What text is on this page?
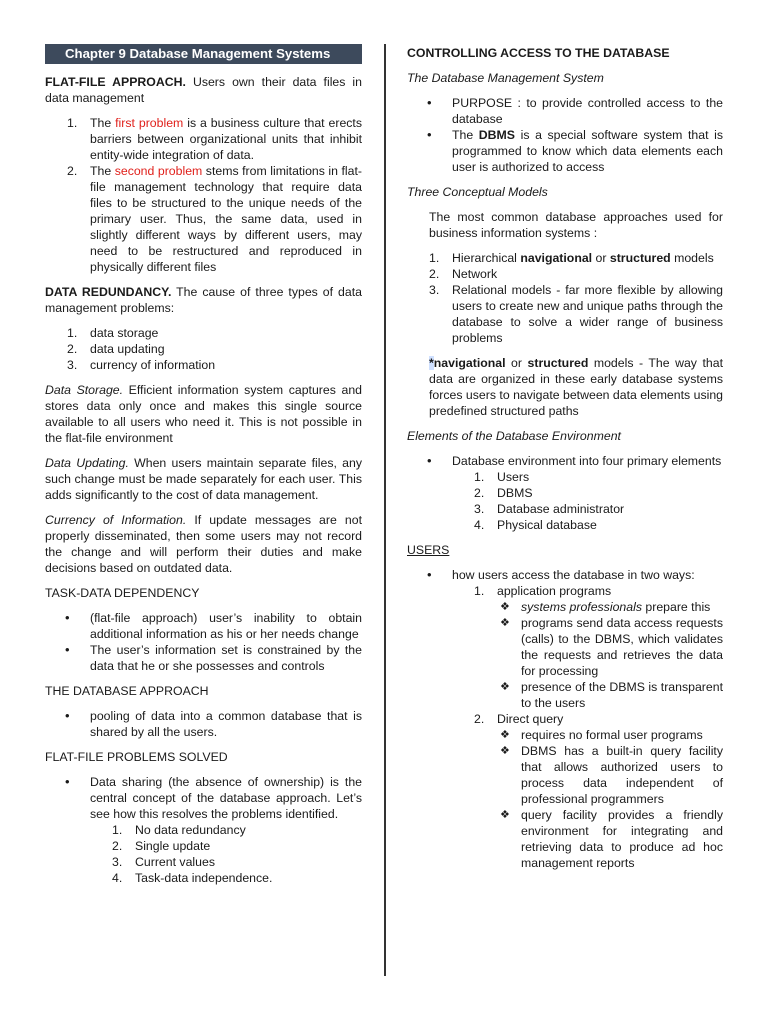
Chapter 9 Database Management Systems

FLAT-FILE APPROACH. Users own their data files in data management

1. The first problem is a business culture that erects barriers between organizational units that inhibit entity-wide integration of data.
2. The second problem stems from limitations in flat-file management technology that require data files to be structured to the unique needs of the primary user. Thus, the same data, used in slightly different ways by different users, may need to be restructured and reproduced in physically different files

DATA REDUNDANCY. The cause of three types of data management problems:

1. data storage
2. data updating
3. currency of information

Data Storage. Efficient information system captures and stores data only once and makes this single source available to all users who need it. This is not possible in the flat-file environment

Data Updating. When users maintain separate files, any such change must be made separately for each user. This adds significantly to the cost of data management.

Currency of Information. If update messages are not properly disseminated, then some users may not record the change and will perform their duties and make decisions based on outdated data.

TASK-DATA DEPENDENCY
• (flat-file approach) user’s inability to obtain additional information as his or her needs change
• The user’s information set is constrained by the data that he or she possesses and controls
THE DATABASE APPROACH
• pooling of data into a common database that is shared by all the users.
FLAT-FILE PROBLEMS SOLVED
• Data sharing (the absence of ownership) is the central concept of the database approach. Let’s see how this resolves the problems identified.
1. No data redundancy
2. Single update
3. Current values
4. Task-data independence.
CONTROLLING ACCESS TO THE DATABASE
The Database Management System
• PURPOSE : to provide controlled access to the database
• The DBMS is a special software system that is programmed to know which data elements each user is authorized to access
Three Conceptual Models

The most common database approaches used for business information systems :

1. Hierarchical navigational or structured models
2. Network
3. Relational models - far more flexible by allowing users to create new and unique paths through the database to solve a wider range of business problems

*navigational or structured models - The way that data are organized in these early database systems forces users to navigate between data elements using predefined structured paths

Elements of the Database Environment
• Database environment into four primary elements
1. Users
2. DBMS
3. Database administrator
4. Physical database
USERS
• how users access the database in two ways:
1. application programs
❖ systems professionals prepare this
❖ programs send data access requests (calls) to the DBMS, which validates the requests and retrieves the data for processing
❖ presence of the DBMS is transparent to the users
2. Direct query
❖ requires no formal user programs
❖ DBMS has a built-in query facility that allows authorized users to process data independent of professional programmers
❖ query facility provides a friendly environment for integrating and retrieving data to produce ad hoc management reports
